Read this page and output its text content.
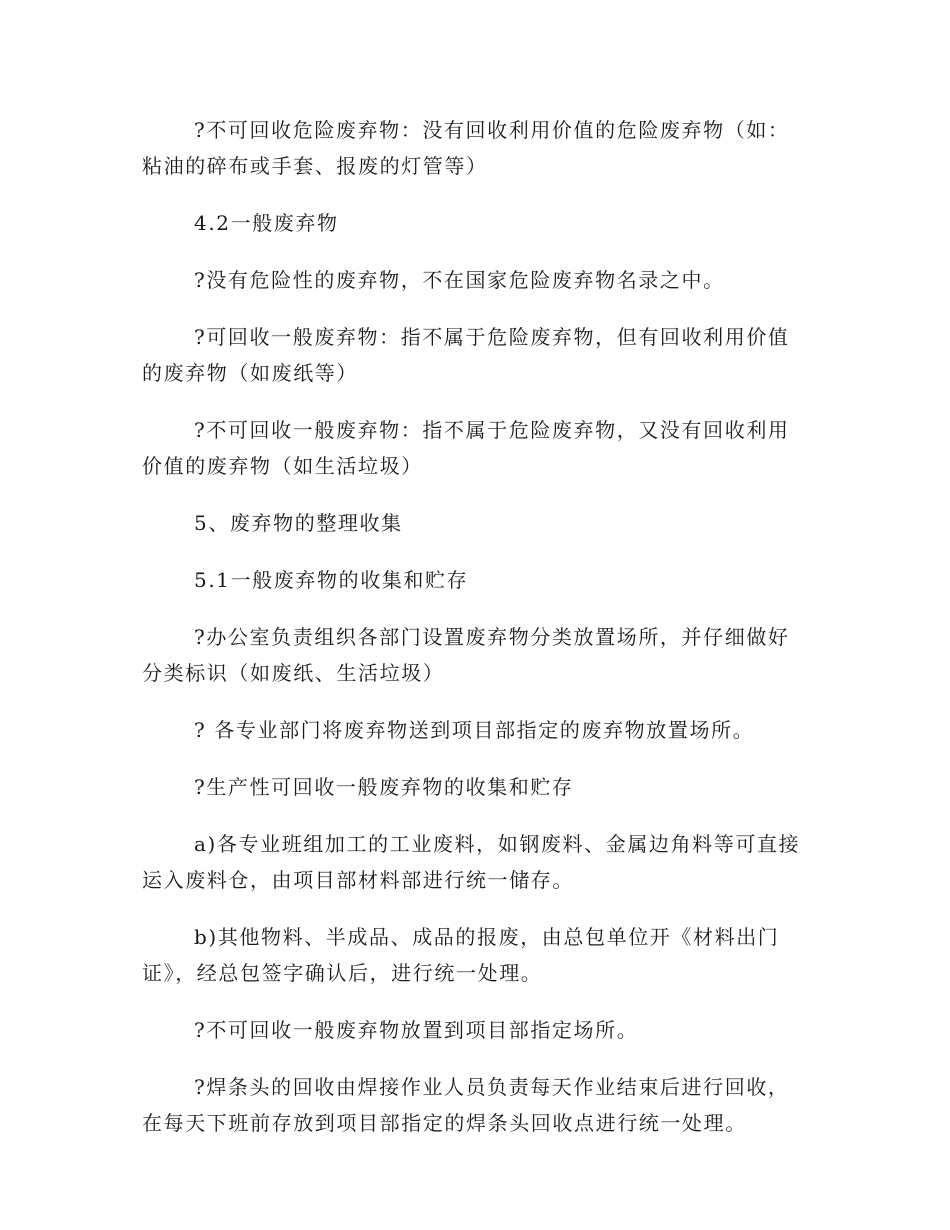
?不可回收危险废弃物：没有回收利用价值的危险废弃物（如：粘油的碎布或手套、报废的灯管等）

4.2一般废弃物

?没有危险性的废弃物，不在国家危险废弃物名录之中。

?可回收一般废弃物：指不属于危险废弃物，但有回收利用价值的废弃物（如废纸等）

?不可回收一般废弃物：指不属于危险废弃物，又没有回收利用价值的废弃物（如生活垃圾）

5、废弃物的整理收集

5.1一般废弃物的收集和贮存

?办公室负责组织各部门设置废弃物分类放置场所，并仔细做好分类标识（如废纸、生活垃圾）

? 各专业部门将废弃物送到项目部指定的废弃物放置场所。

?生产性可回收一般废弃物的收集和贮存

a)各专业班组加工的工业废料，如钢废料、金属边角料等可直接运入废料仓，由项目部材料部进行统一储存。

b)其他物料、半成品、成品的报废，由总包单位开《材料出门证》，经总包签字确认后，进行统一处理。

?不可回收一般废弃物放置到项目部指定场所。

?焊条头的回收由焊接作业人员负责每天作业结束后进行回收，在每天下班前存放到项目部指定的焊条头回收点进行统一处理。
